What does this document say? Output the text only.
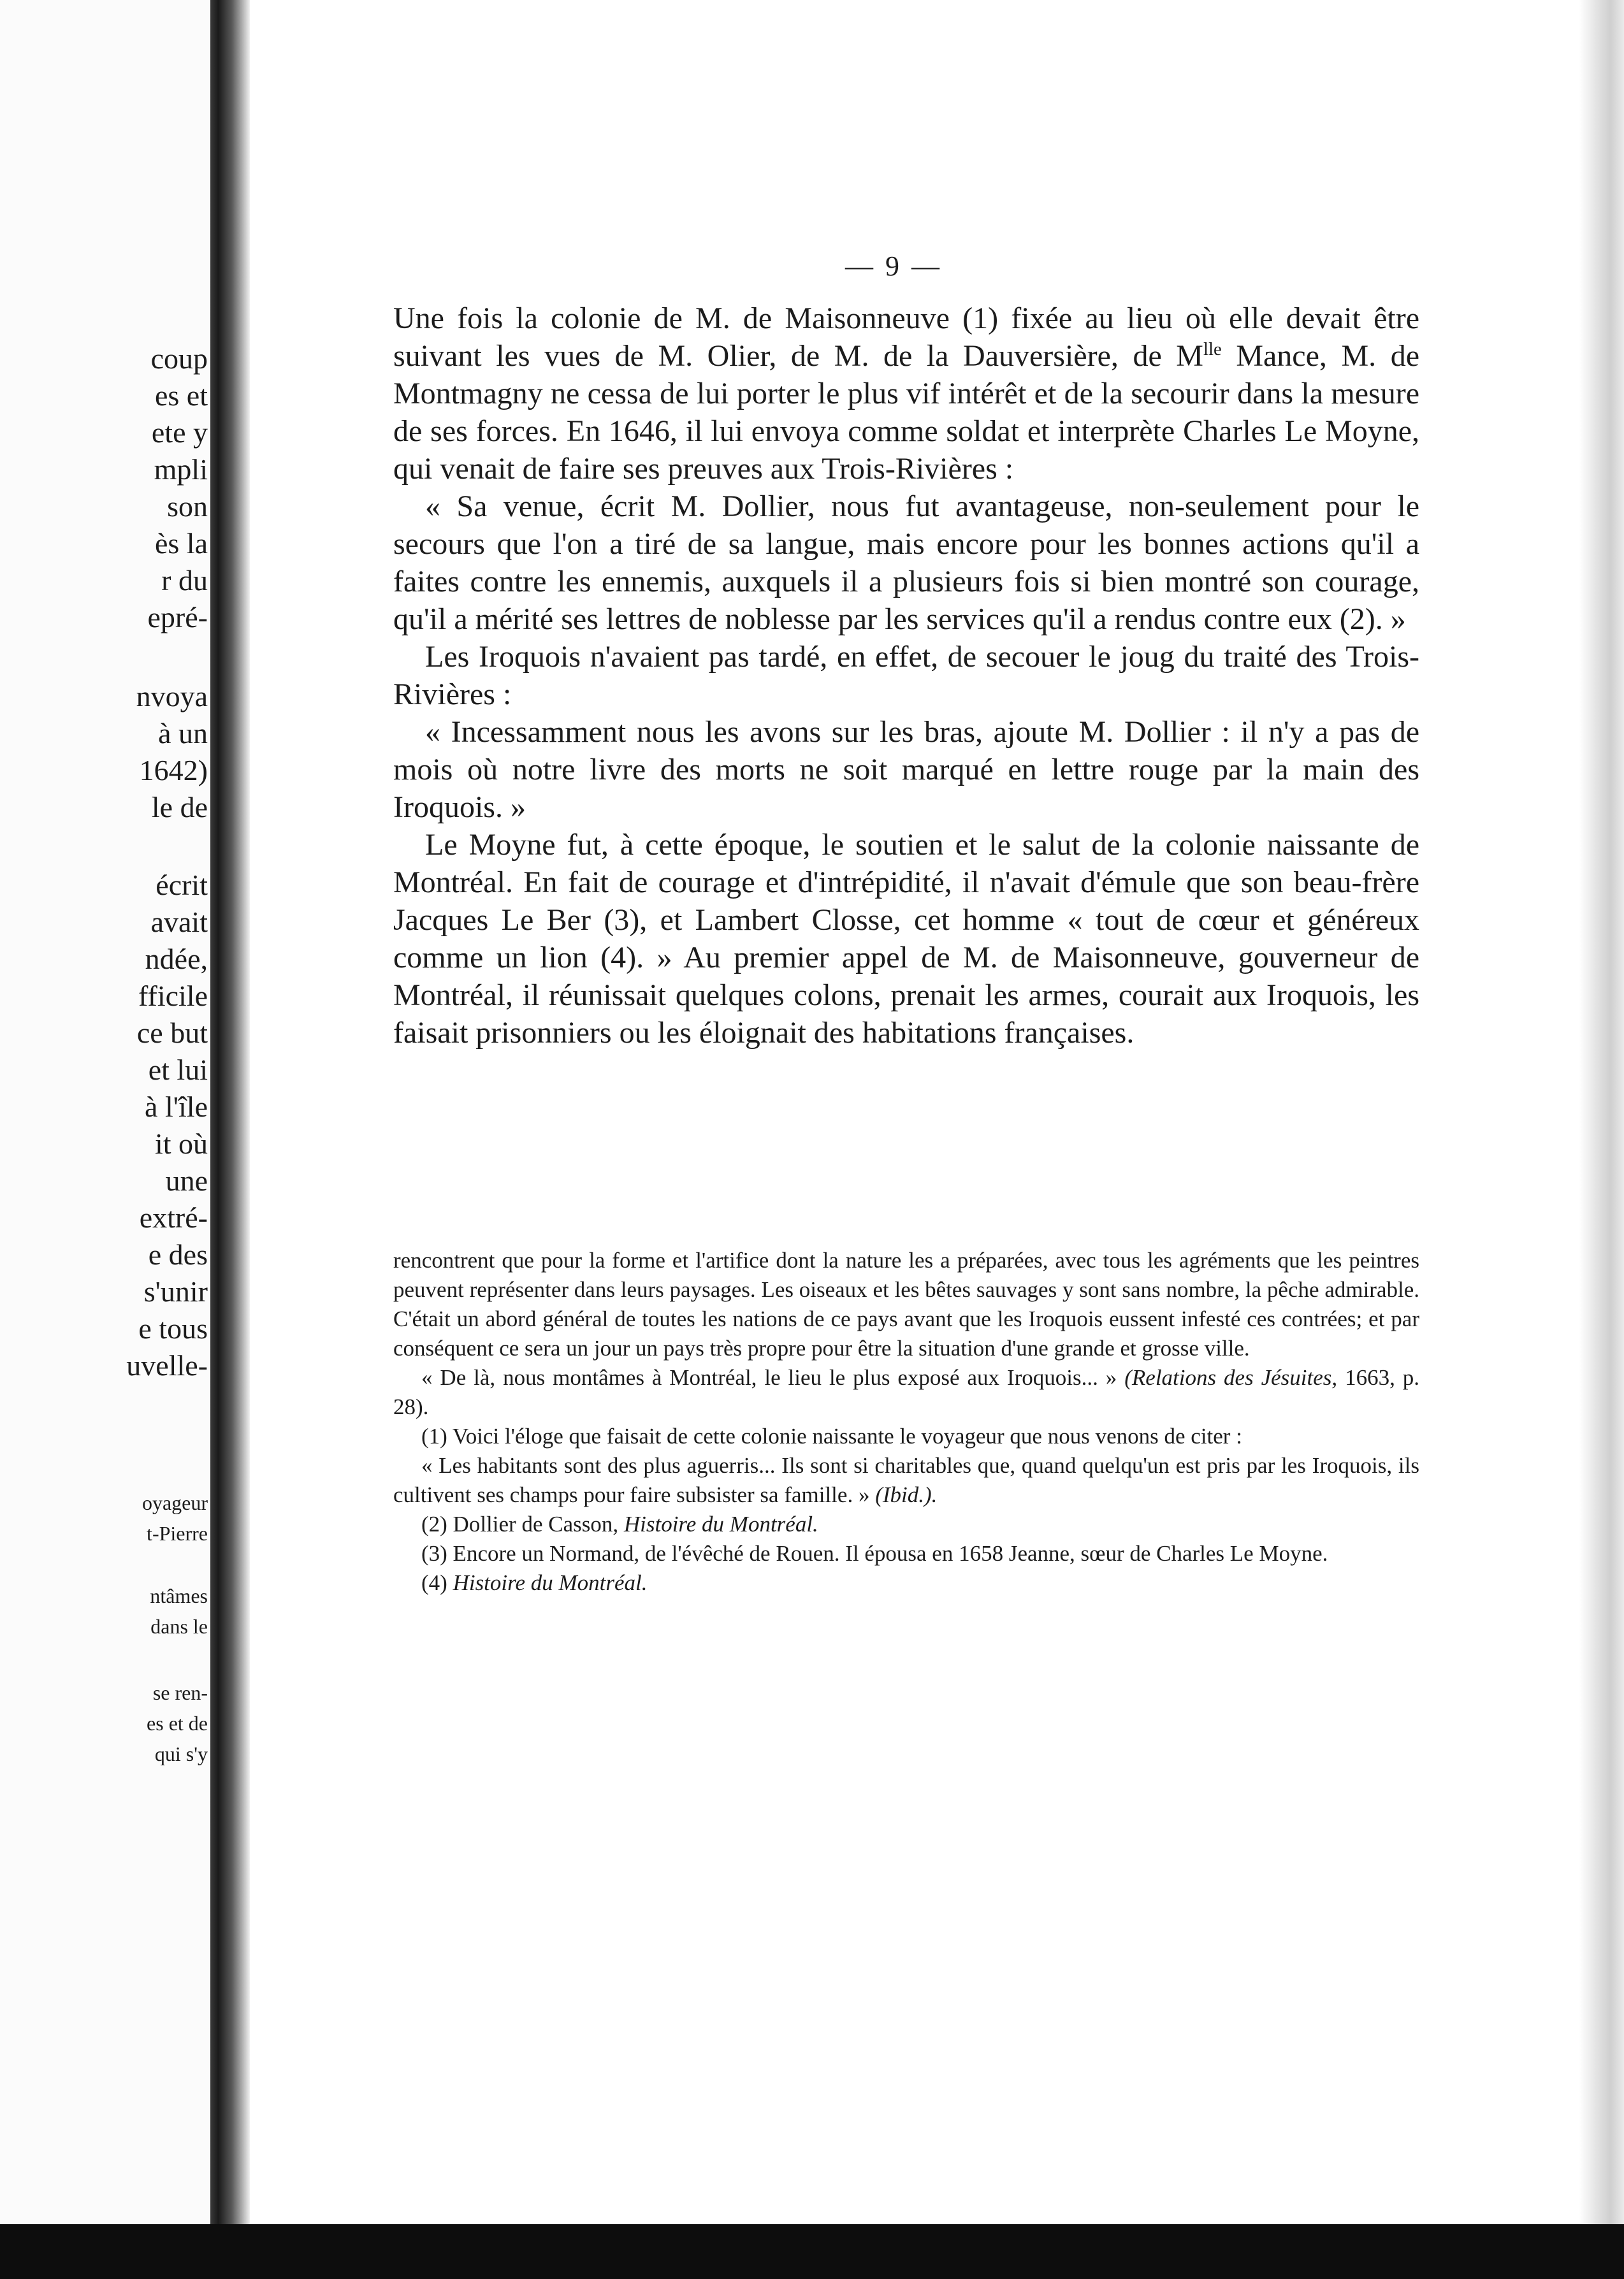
coup
es et
ete y
mpli
son
ès la
r du
epré-
nvoya
à un
1642)
le de
écrit
avait
ndée,
fficile
ce but
et lui
à l'île
it où
une
extré-
e des
s'unir
e tous
uvelle-
oyageur
t-Pierre
ntâmes
dans le
se ren-
es et de
qui s'y
— 9 —

Une fois la colonie de M. de Maisonneuve (1) fixée au lieu où elle devait être suivant les vues de M. Olier, de M. de la Dauversière, de $M^{lle}$ Mance, M. de Montmagny ne cessa de lui porter le plus vif intérêt et de la secourir dans la mesure de ses forces. En 1646, il lui envoya comme soldat et interprète Charles Le Moyne, qui venait de faire ses preuves aux Trois-Rivières :

« Sa venue, écrit M. Dollier, nous fut avantageuse, non-seulement pour le secours que l'on a tiré de sa langue, mais encore pour les bonnes actions qu'il a faites contre les ennemis, auxquels il a plusieurs fois si bien montré son courage, qu'il a mérité ses lettres de noblesse par les services qu'il a rendus contre eux (2). »

Les Iroquois n'avaient pas tardé, en effet, de secouer le joug du traité des Trois-Rivières :

« Incessamment nous les avons sur les bras, ajoute M. Dollier : il n'y a pas de mois où notre livre des morts ne soit marqué en lettre rouge par la main des Iroquois. »

Le Moyne fut, à cette époque, le soutien et le salut de la colonie naissante de Montréal. En fait de courage et d'intrépidité, il n'avait d'émule que son beau-frère Jacques Le Ber (3), et Lambert Closse, cet homme « tout de cœur et généreux comme un lion (4). » Au premier appel de M. de Maisonneuve, gouverneur de Montréal, il réunissait quelques colons, prenait les armes, courait aux Iroquois, les faisait prisonniers ou les éloignait des habitations françaises.

rencontrent que pour la forme et l'artifice dont la nature les a préparées, avec tous les agréments que les peintres peuvent représenter dans leurs paysages. Les oiseaux et les bêtes sauvages y sont sans nombre, la pêche admirable. C'était un abord général de toutes les nations de ce pays avant que les Iroquois eussent infesté ces contrées; et par conséquent ce sera un jour un pays très propre pour être la situation d'une grande et grosse ville.

« De là, nous montâmes à Montréal, le lieu le plus exposé aux Iroquois... » (Relations des Jésuites, 1663, p. 28).

(1) Voici l'éloge que faisait de cette colonie naissante le voyageur que nous venons de citer :

« Les habitants sont des plus aguerris... Ils sont si charitables que, quand quelqu'un est pris par les Iroquois, ils cultivent ses champs pour faire subsister sa famille. » (Ibid.).

(2) Dollier de Casson, Histoire du Montréal.

(3) Encore un Normand, de l'évêché de Rouen. Il épousa en 1658 Jeanne, sœur de Charles Le Moyne.

(4) Histoire du Montréal.
